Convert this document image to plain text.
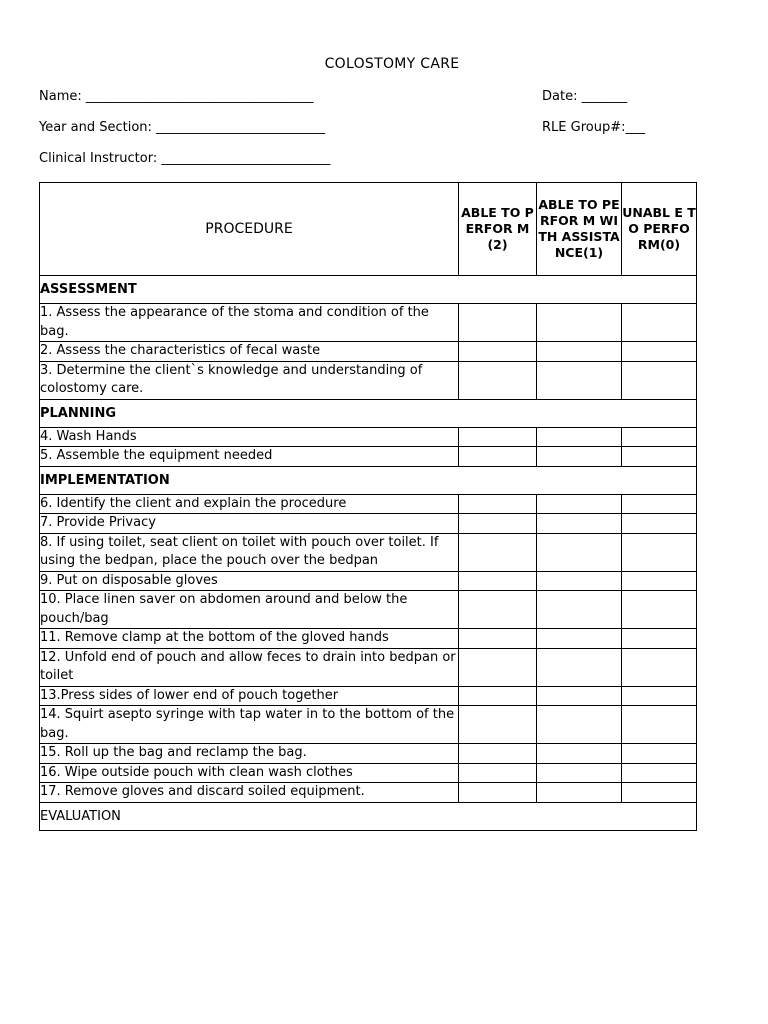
COLOSTOMY CARE
Name: ___________________________________	Date: _______
Year and Section: __________________________	RLE Group#:___
Clinical Instructor: __________________________
PROCEDURE	ABLE TO PERFOR M (2)	ABLE TO PERFOR M WITH ASSISTA NCE(1)	UNABL E TO PERFO RM(0)
ASSESSMENT			
1. Assess the appearance of the stoma and condition of the bag.			
2. Assess the characteristics of fecal waste			
3. Determine the client`s knowledge and understanding of colostomy care.			
PLANNING			
4. Wash Hands			
5. Assemble the equipment needed			
IMPLEMENTATION			
6. Identify the client and explain the procedure			
7. Provide Privacy			
8. If using toilet, seat client on toilet with pouch over toilet. If using the bedpan, place the pouch over the bedpan			
9. Put on disposable gloves			
10. Place linen saver on abdomen around and below the pouch/bag			
11. Remove clamp at the bottom of the gloved hands			
12. Unfold end of pouch and allow feces to drain into bedpan or toilet			
13.Press sides of lower end of pouch together			
14. Squirt asepto syringe with tap water in to the bottom of the bag.			
15. Roll up the bag and reclamp the bag.			
16. Wipe outside pouch with clean wash clothes			
17. Remove gloves and discard soiled equipment.			
EVALUATION			
